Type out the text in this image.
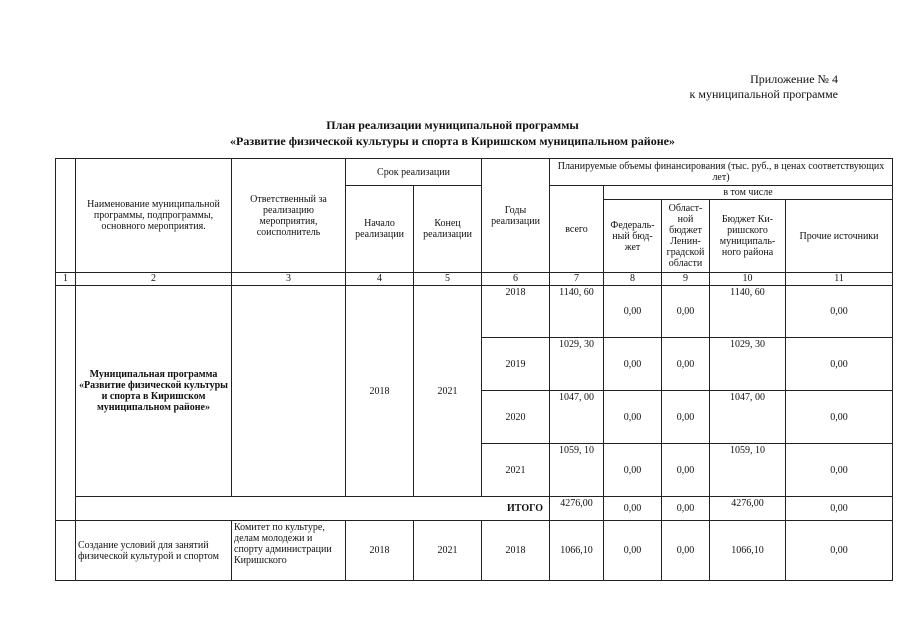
Приложение № 4
к муниципальной программе
План реализации муниципальной программы
«Развитие физической культуры и спорта в Киришском муниципальном районе»
	Наименование муниципальной программы, подпрограммы, основного мероприятия.	Ответственный за реализацию мероприятия, соисполнитель	Срок реализации		Годы реализации	Планируемые объемы финансирования (тыс. руб., в ценах соответствующих лет)				
			Начало реализации	Конец реализации		всего	в том числе			
							Федераль-ный бюд-жет	Област-ной бюджет Ленин-градской области	Бюджет Ки-ришского муниципаль-ного района	Прочие источники
1	2	3	4	5	6	7	8	9	10	11
	Муниципальная программа «Развитие физической культуры и спорта в Киришском муниципальном районе»		2018	2021	2018	1140, 60	0,00	0,00	1140, 60	0,00
					2019	1029, 30	0,00	0,00	1029, 30	0,00
					2020	1047, 00	0,00	0,00	1047, 00	0,00
					2021	1059, 10	0,00	0,00	1059, 10	0,00
	ИТОГО					4276,00	0,00	0,00	4276,00	0,00
	Создание условий для занятий физической культурой и спортом	Комитет по культуре, делам молодежи и спорту администрации Киришского	2018	2021	2018	1066,10	0,00	0,00	1066,10	0,00
